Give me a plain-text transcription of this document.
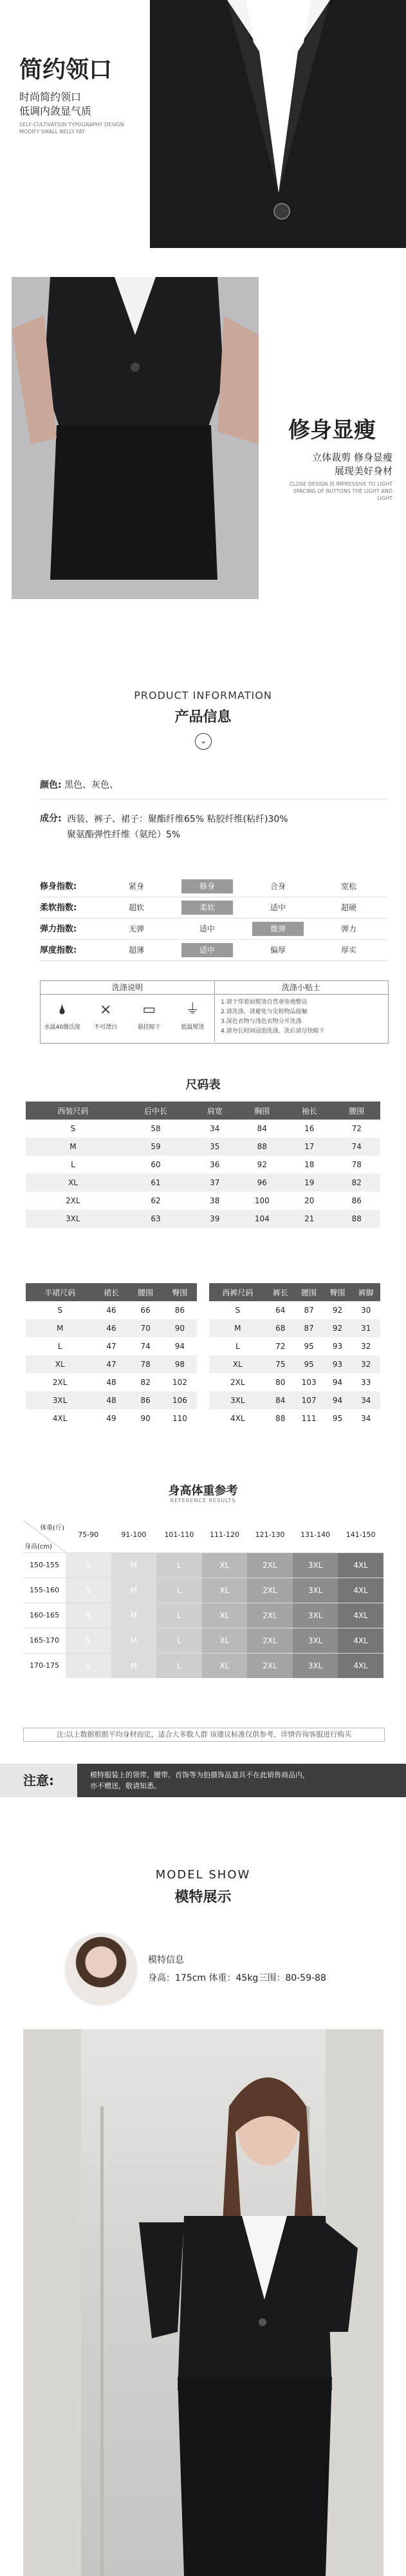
简约领口
时尚简约领口
低调内敛显气质
SELF-CULTIVATION TYPOGRAPHY DESIGN
MODIFY SMALL BELLY FAT
修身显瘦
立体裁剪 修身显瘦
展现美好身材
CLOSE DESIGN IS IMPRESSIVE TO LIGHT
SPACING OF BUTTONS THE LIGHT AND
LIGHT
PRODUCT INFORMATION
产品信息
⌄
颜色: 黑色、灰色、
成分: 西装、裤子、裙子：聚酯纤维65% 粘胶纤维(粘纤)30%
聚氨酯弹性纤维（氨纶）5%
修身指数:	紧身	修身	合身	宽松
柔软指数:	超软	柔软	适中	超硬
弹力指数:	无弹	适中	微弹	弹力
厚度指数:	超薄	适中	偏厚	厚实
洗涤说明	洗涤小贴士
🌢
水温40摄氏度
⨯
不可漂白
▭
悬挂晾干
⏚
低温熨烫
1.请于穿着前熨烫自然垂坠地整洁
2.请洗涤，请避免与尖锐物品接触
3.深色衣物与浅色衣物分开洗涤
4.请勿长时间浸泡洗涤，洗后请尽快晾干
尺码表
西装尺码	后中长	肩宽	胸围	袖长	腰围
S	58	34	84	16	72
M	59	35	88	17	74
L	60	36	92	18	78
XL	61	37	96	19	82
2XL	62	38	100	20	86
3XL	63	39	104	21	88
半裙尺码	裙长	腰围	臀围
S	46	66	86
M	46	70	90
L	47	74	94
XL	47	78	98
2XL	48	82	102
3XL	48	86	106
4XL	49	90	110
西裤尺码	裤长	腰围	臀围	裤脚
S	64	87	92	30
M	68	87	92	31
L	72	95	93	32
XL	75	95	93	32
2XL	80	103	94	33
3XL	84	107	94	34
4XL	88	111	95	34
身高体重参考
REFERENCE RESULTS
体重(斤)
身高(cm)
75-90	91-100	101-110	111-120	121-130	131-140	141-150
150-155	S	M	L	XL	2XL	3XL	4XL
155-160	S	M	L	XL	2XL	3XL	4XL
160-165	S	M	L	XL	2XL	3XL	4XL
165-170	S	M	L	XL	2XL	3XL	4XL
170-175	S	M	L	XL	2XL	3XL	4XL
注:以上数据根据平均身材而定，适合大多数人群 该建议标准仅供参考，详情咨询客服进行购买
注意:	模特服装上的领带、腰带、首饰等为拍摄饰品道具不在此销售商品内，
亦不赠送，敬请知悉。
MODEL SHOW
模特展示
模特信息
身高：175cm 体重：45kg三围：80-59-88
